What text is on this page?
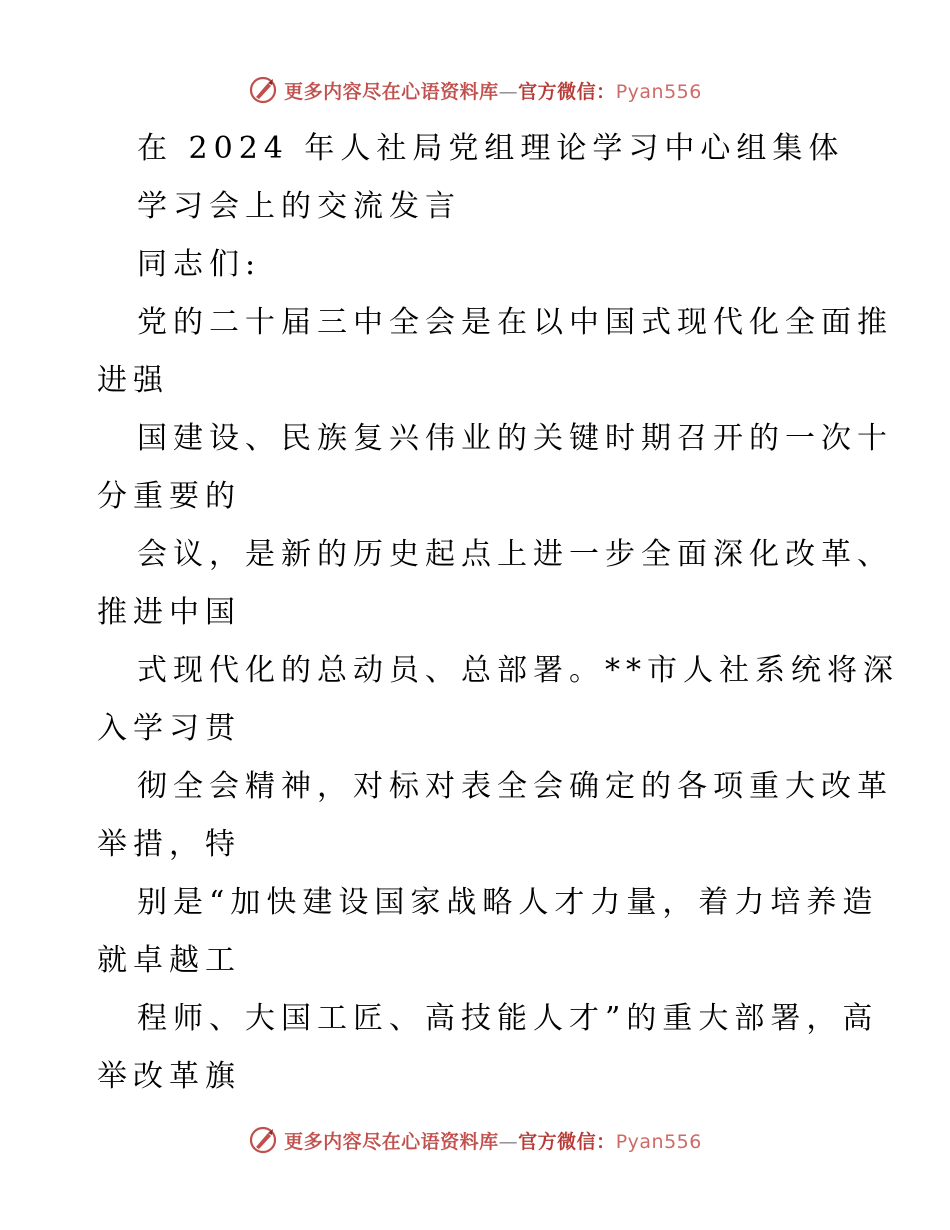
更多内容尽在心语资料库—官方微信：Pyan556
在 2024 年人社局党组理论学习中心组集体
学习会上的交流发言
同志们:
党的二十届三中全会是在以中国式现代化全面推
进强
国建设、民族复兴伟业的关键时期召开的一次十
分重要的
会议，是新的历史起点上进一步全面深化改革、
推进中国
式现代化的总动员、总部署。**市人社系统将深
入学习贯
彻全会精神，对标对表全会确定的各项重大改革
举措，特
别是“加快建设国家战略人才力量，着力培养造
就卓越工
程师、大国工匠、高技能人才”的重大部署，高
举改革旗
更多内容尽在心语资料库—官方微信：Pyan556
